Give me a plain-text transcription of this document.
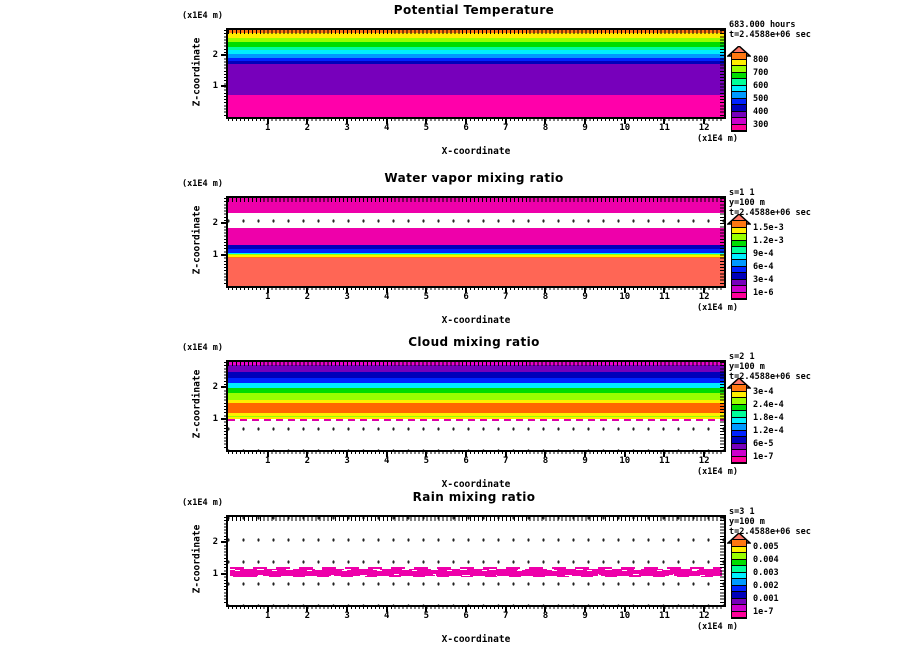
Potential Temperature
(x1E4 m)
Z-coordinate
1	2	3	4	5	6	7	8	9	10	11	12
1
2
(x1E4 m)
X-coordinate
683.000 hours
t=2.4588e+06 sec
800
700
600
500
400
300
Water vapor mixing ratio
(x1E4 m)
Z-coordinate
1	2	3	4	5	6	7	8	9	10	11	12
1
2
(x1E4 m)
X-coordinate
s=1 1
y=100 m
t=2.4588e+06 sec
1.5e-3
1.2e-3
9e-4
6e-4
3e-4
1e-6
Cloud mixing ratio
(x1E4 m)
Z-coordinate
1	2	3	4	5	6	7	8	9	10	11	12
1
2
(x1E4 m)
X-coordinate
s=2 1
y=100 m
t=2.4588e+06 sec
3e-4
2.4e-4
1.8e-4
1.2e-4
6e-5
1e-7
Rain mixing ratio
(x1E4 m)
Z-coordinate
1	2	3	4	5	6	7	8	9	10	11	12
1
2
(x1E4 m)
X-coordinate
s=3 1
y=100 m
t=2.4588e+06 sec
0.005
0.004
0.003
0.002
0.001
1e-7
